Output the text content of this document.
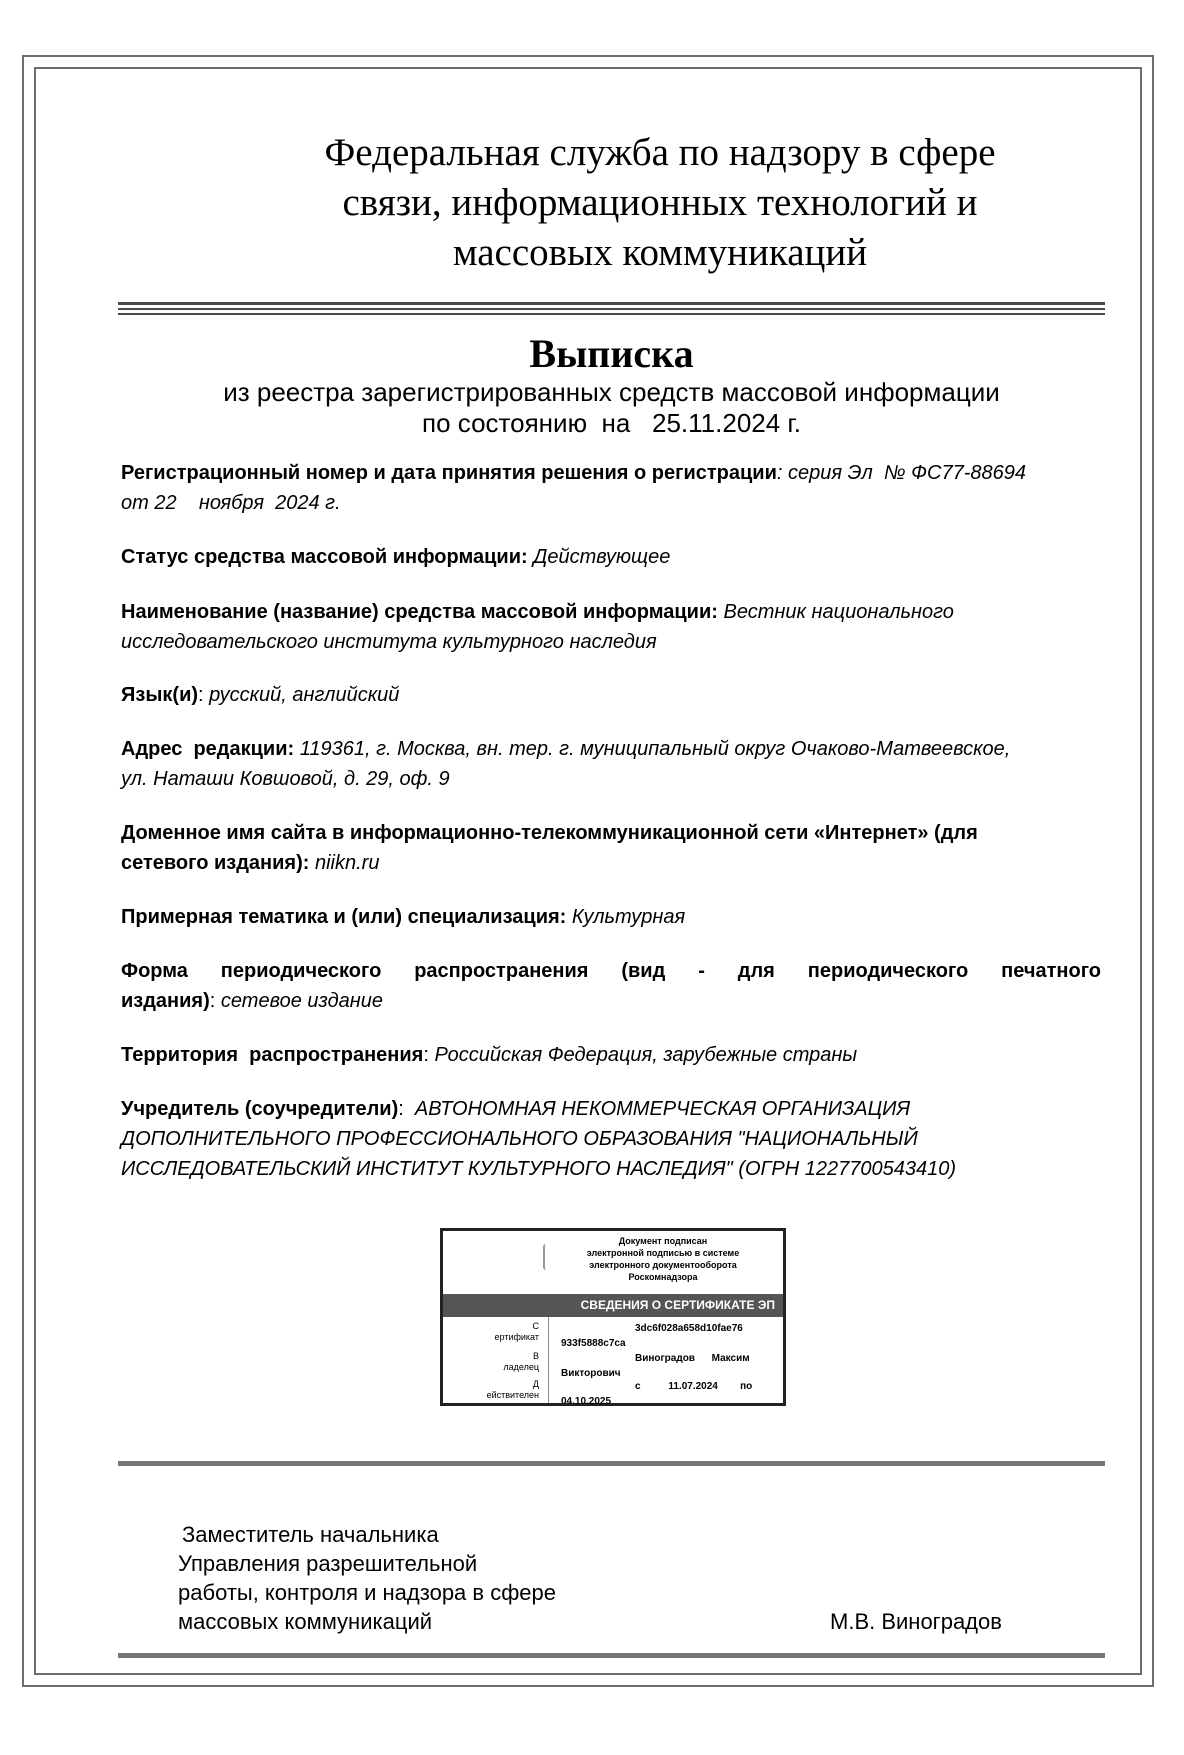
Федеральная служба по надзору в сфере
связи, информационных технологий и
массовых коммуникаций
Выписка
из реестра зарегистрированных средств массовой информации
по состоянию  на   25.11.2024 г.
Регистрационный номер и дата принятия решения о регистрации: серия Эл  № ФС77-88694
от 22    ноября  2024 г.
Статус средства массовой информации: Действующее
Наименование (название) средства массовой информации: Вестник национального
исследовательского института культурного наследия
Язык(и): русский, английский
Адрес  редакции: 119361, г. Москва, вн. тер. г. муниципальный округ Очаково-Матвеевское,
ул. Наташи Ковшовой, д. 29, оф. 9
Доменное имя сайта в информационно-телекоммуникационной сети «Интернет» (для
сетевого издания): niikn.ru
Примерная тематика и (или) специализация: Культурная
Форма периодического распространения (вид - для периодического печатного
издания): сетевое издание
Территория  распространения: Российская Федерация, зарубежные страны
Учредитель (соучредители):  АВТОНОМНАЯ НЕКОММЕРЧЕСКАЯ ОРГАНИЗАЦИЯ
ДОПОЛНИТЕЛЬНОГО ПРОФЕССИОНАЛЬНОГО ОБРАЗОВАНИЯ "НАЦИОНАЛЬНЫЙ
ИССЛЕДОВАТЕЛЬСКИЙ ИНСТИТУТ КУЛЬТУРНОГО НАСЛЕДИЯ" (ОГРН 1227700543410)
Документ подписан
электронной подписью в системе
электронного документооборота
Роскомнадзора
СВЕДЕНИЯ О СЕРТИФИКАТЕ ЭП
С
ертификат
3dc6f028a658d10fae76
933f5888c7ca
В
ладелец
Виноградов      Максим
Викторович
Д
ействителен
с          11.07.2024        по
04.10.2025
Заместитель начальника
Управления разрешительной
работы, контроля и надзора в сфере
массовых коммуникаций	М.В. Виноградов
